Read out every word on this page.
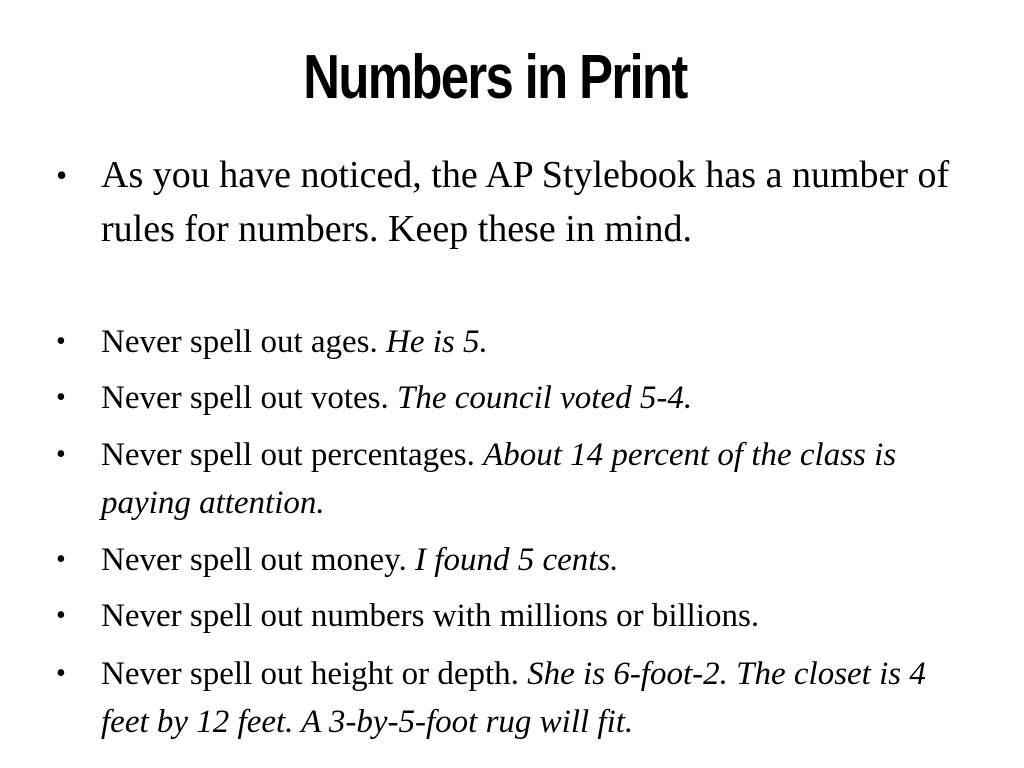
Numbers in Print
• As you have noticed, the AP Stylebook has a number of rules for numbers. Keep these in mind.
•	Never spell out ages. He is 5.
•	Never spell out votes. The council voted 5-4.
•	Never spell out percentages. About 14 percent of the class is paying attention.
•	Never spell out money. I found 5 cents.
•	Never spell out numbers with millions or billions.
•	Never spell out height or depth. She is 6-foot-2. The closet is 4 feet by 12 feet. A 3-by-5-foot rug will fit.
